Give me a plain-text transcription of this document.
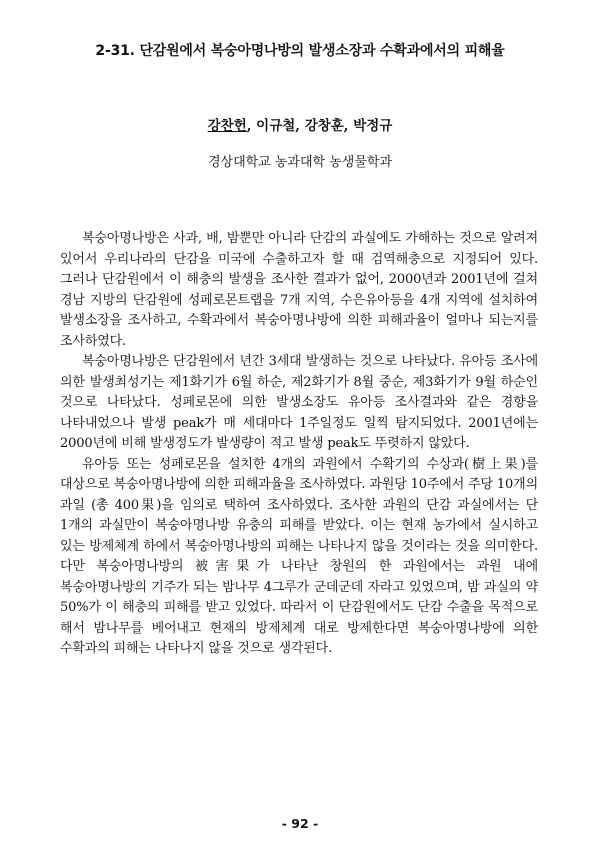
2-31. 단감원에서 복숭아명나방의 발생소장과 수확과에서의 피해율
강찬헌, 이규철, 강창훈, 박정규
경상대학교 농과대학 농생물학과

복숭아명나방은 사과, 배, 밤뿐만 아니라 단감의 과실에도 가해하는 것으로 알려져 있어서 우리나라의 단감을 미국에 수출하고자 할 때 검역해충으로 지정되어 있다. 그러나 단감원에서 이 해충의 발생을 조사한 결과가 없어, 2000년과 2001년에 걸쳐 경남 지방의 단감원에 성페로몬트랩을 7개 지역, 수은유아등을 4개 지역에 설치하여 발생소장을 조사하고, 수확과에서 복숭아명나방에 의한 피해과율이 얼마나 되는지를 조사하였다.

복숭아명나방은 단감원에서 년간 3세대 발생하는 것으로 나타났다. 유아등 조사에 의한 발생최성기는 제1화기가 6월 하순, 제2화기가 8월 중순, 제3화기가 9월 하순인 것으로 나타났다. 성페로몬에 의한 발생소장도 유아등 조사결과와 같은 경향을 나타내었으나 발생 peak가 매 세대마다 1주일정도 일찍 탐지되었다. 2001년에는 2000년에 비해 발생정도가 발생량이 적고 발생 peak도 뚜렷하지 않았다.

유아등 또는 성페로몬을 설치한 4개의 과원에서 수확기의 수상과(樹上果)를 대상으로 복숭아명나방에 의한 피해과율을 조사하였다. 과원당 10주에서 주당 10개의 과일 (총 400果)을 임의로 택하여 조사하였다. 조사한 과원의 단감 과실에서는 단 1개의 과실만이 복숭아명나방 유충의 피해를 받았다. 이는 현재 농가에서 실시하고 있는 방제체계 하에서 복숭아명나방의 피해는 나타나지 않을 것이라는 것을 의미한다. 다만 복숭아명나방의 被害果가 나타난 창원의 한 과원에서는 과원 내에 복숭아명나방의 기주가 되는 밤나무 4그루가 군데군데 자라고 있었으며, 밤 과실의 약 50%가 이 해충의 피해를 받고 있었다. 따라서 이 단감원에서도 단감 수출을 목적으로 해서 밤나무를 베어내고 현재의 방제체계 대로 방제한다면 복숭아명나방에 의한 수확과의 피해는 나타나지 않을 것으로 생각된다.

- 92 -
